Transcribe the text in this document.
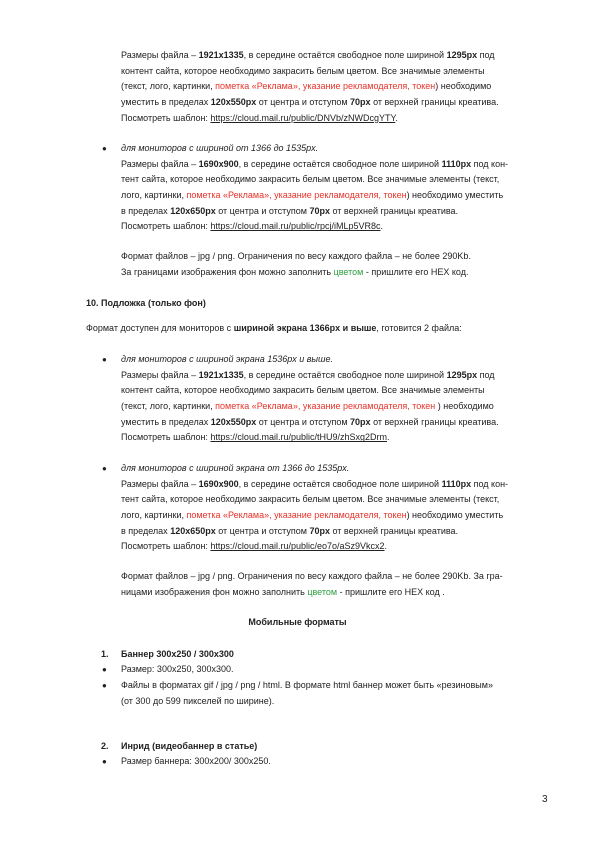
Размеры файла – 1921x1335, в середине остаётся свободное поле шириной 1295px под
контент сайта, которое необходимо закрасить белым цветом. Все значимые элементы
(текст, лого, картинки, пометка «Реклама», указание рекламодателя, токен) необходимо
уместить в пределах 120x550px от центра и отступом 70px от верхней границы креатива.
Посмотреть шаблон: https://cloud.mail.ru/public/DNVb/zNWDcgYTY.
● для мониторов с шириной от 1366 до 1535px.
Размеры файла – 1690x900, в середине остаётся свободное поле шириной 1110px под кон-
тент сайта, которое необходимо закрасить белым цветом. Все значимые элементы (текст,
лого, картинки, пометка «Реклама», указание рекламодателя, токен) необходимо уместить
в пределах 120x650px от центра и отступом 70px от верхней границы креатива.
Посмотреть шаблон: https://cloud.mail.ru/public/rpcj/iMLp5VR8c.
Формат файлов – jpg / png. Ограничения по весу каждого файла – не более 290Kb.
За границами изображения фон можно заполнить цветом - пришлите его HEX код.
10. Подложка (только фон)
Формат доступен для мониторов с шириной экрана 1366px и выше, готовится 2 файла:
● для мониторов с шириной экрана 1536px и выше.
Размеры файла – 1921x1335, в середине остаётся свободное поле шириной 1295px под
контент сайта, которое необходимо закрасить белым цветом. Все значимые элементы
(текст, лого, картинки, пометка «Реклама», указание рекламодателя, токен ) необходимо
уместить в пределах 120x550px от центра и отступом 70px от верхней границы креатива.
Посмотреть шаблон: https://cloud.mail.ru/public/tHU9/zhSxg2Drm.
● для мониторов с шириной экрана от 1366 до 1535px.
Размеры файла – 1690x900, в середине остаётся свободное поле шириной 1110px под кон-
тент сайта, которое необходимо закрасить белым цветом. Все значимые элементы (текст,
лого, картинки, пометка «Реклама», указание рекламодателя, токен) необходимо уместить
в пределах 120x650px от центра и отступом 70px от верхней границы креатива.
Посмотреть шаблон: https://cloud.mail.ru/public/eo7o/aSz9Vkcx2.
Формат файлов – jpg / png. Ограничения по весу каждого файла – не более 290Kb. За гра-
ницами изображения фон можно заполнить цветом - пришлите его HEX код .
Мобильные форматы
1. Баннер 300x250 / 300x300
● Размер: 300x250, 300x300.
● Файлы в форматах gif / jpg / png / html. В формате html баннер может быть «резиновым»
(от 300 до 599 пикселей по ширине).
2. Инрид (видеобаннер в статье)
● Размер баннера: 300x200/ 300x250.
3
